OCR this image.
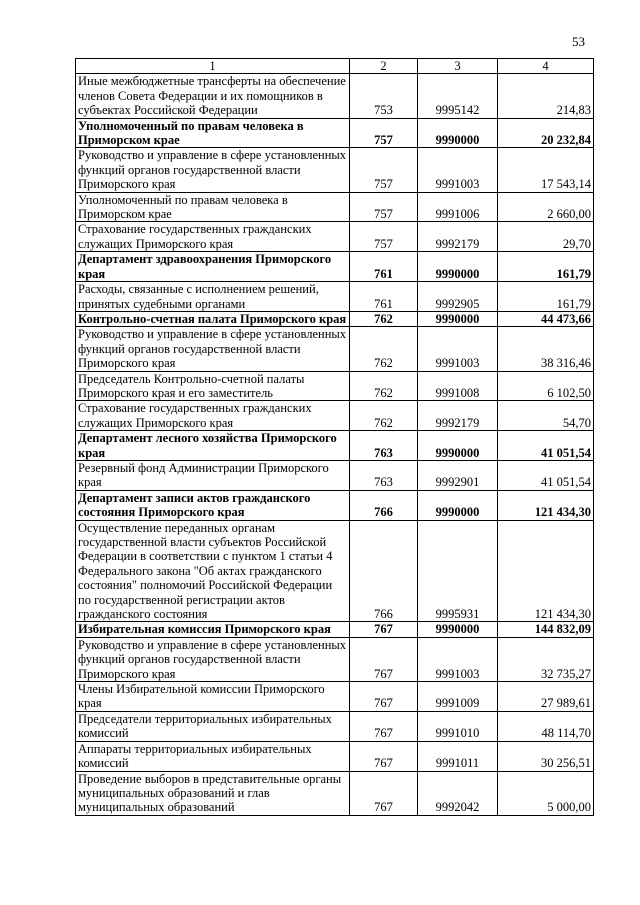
53
1	2	3	4
Иные межбюджетные трансферты на обеспечение членов Совета Федерации и их помощников в субъектах Российской Федерации	753	9995142	214,83
Уполномоченный по правам человека в Приморском крае	757	9990000	20 232,84
Руководство и управление в сфере установленных функций органов государственной власти Приморского края	757	9991003	17 543,14
Уполномоченный по правам человека в Приморском крае	757	9991006	2 660,00
Страхование государственных гражданских служащих Приморского края	757	9992179	29,70
Департамент здравоохранения Приморского края	761	9990000	161,79
Расходы, связанные с исполнением решений, принятых судебными органами	761	9992905	161,79
Контрольно-счетная палата Приморского края	762	9990000	44 473,66
Руководство и управление в сфере установленных функций органов государственной власти Приморского края	762	9991003	38 316,46
Председатель Контрольно-счетной палаты Приморского края и его заместитель	762	9991008	6 102,50
Страхование государственных гражданских служащих Приморского края	762	9992179	54,70
Департамент лесного хозяйства Приморского края	763	9990000	41 051,54
Резервный фонд Администрации Приморского края	763	9992901	41 051,54
Департамент записи актов гражданского состояния Приморского края	766	9990000	121 434,30
Осуществление переданных органам государственной власти субъектов Российской Федерации в соответствии с пунктом 1 статьи 4 Федерального закона "Об актах гражданского состояния" полномочий Российской Федерации по государственной регистрации актов гражданского состояния	766	9995931	121 434,30
Избирательная комиссия Приморского края	767	9990000	144 832,09
Руководство и управление в сфере установленных функций органов государственной власти Приморского края	767	9991003	32 735,27
Члены Избирательной комиссии Приморского края	767	9991009	27 989,61
Председатели территориальных избирательных комиссий	767	9991010	48 114,70
Аппараты территориальных избирательных комиссий	767	9991011	30 256,51
Проведение выборов в представительные органы муниципальных образований и глав муниципальных образований	767	9992042	5 000,00
